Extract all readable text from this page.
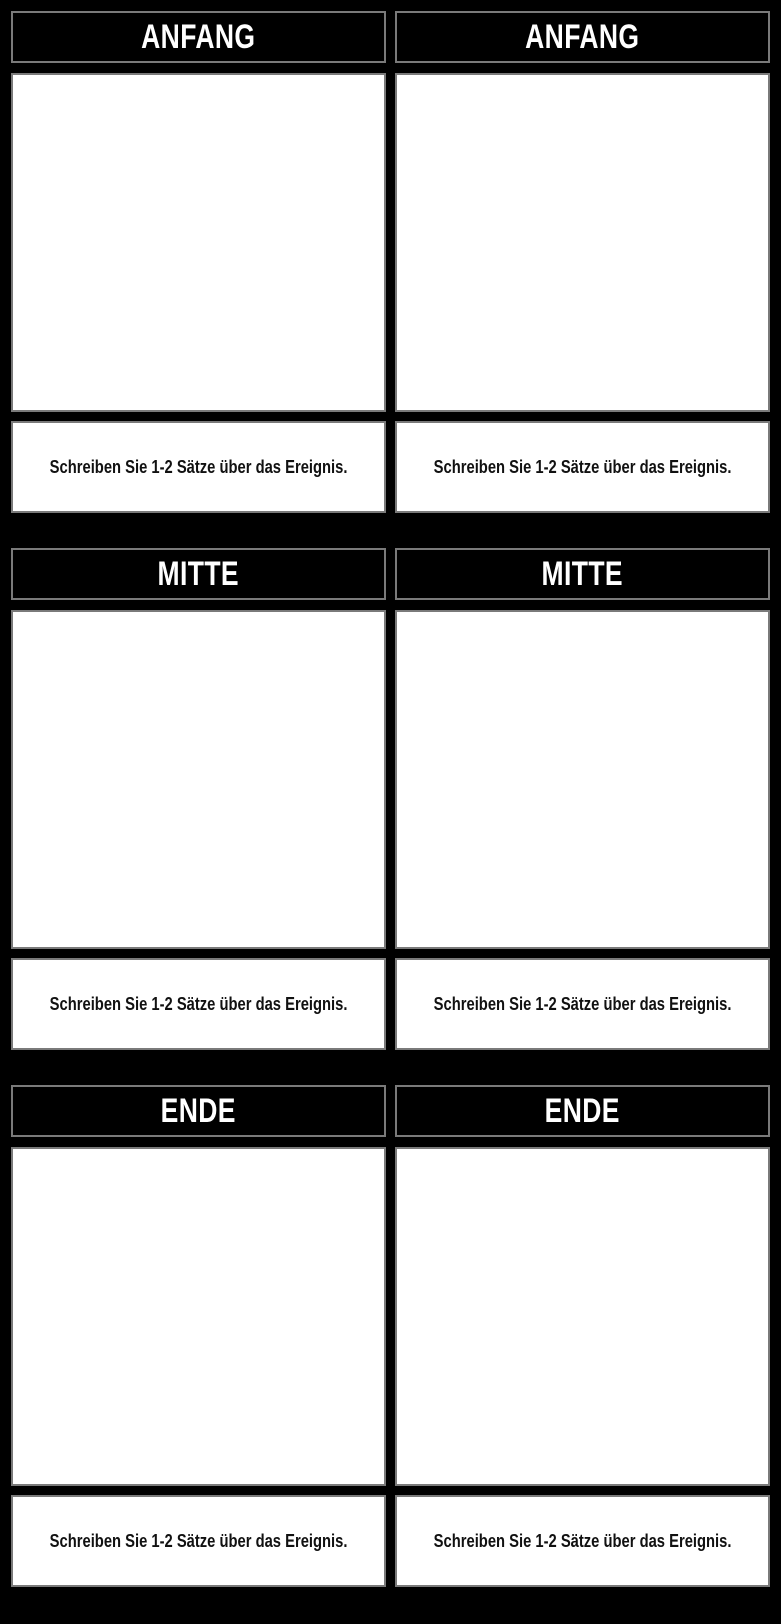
ANFANG	ANFANG
Schreiben Sie 1-2 Sätze über das Ereignis.	Schreiben Sie 1-2 Sätze über das Ereignis.
MITTE	MITTE
Schreiben Sie 1-2 Sätze über das Ereignis.	Schreiben Sie 1-2 Sätze über das Ereignis.
ENDE	ENDE
Schreiben Sie 1-2 Sätze über das Ereignis.	Schreiben Sie 1-2 Sätze über das Ereignis.
